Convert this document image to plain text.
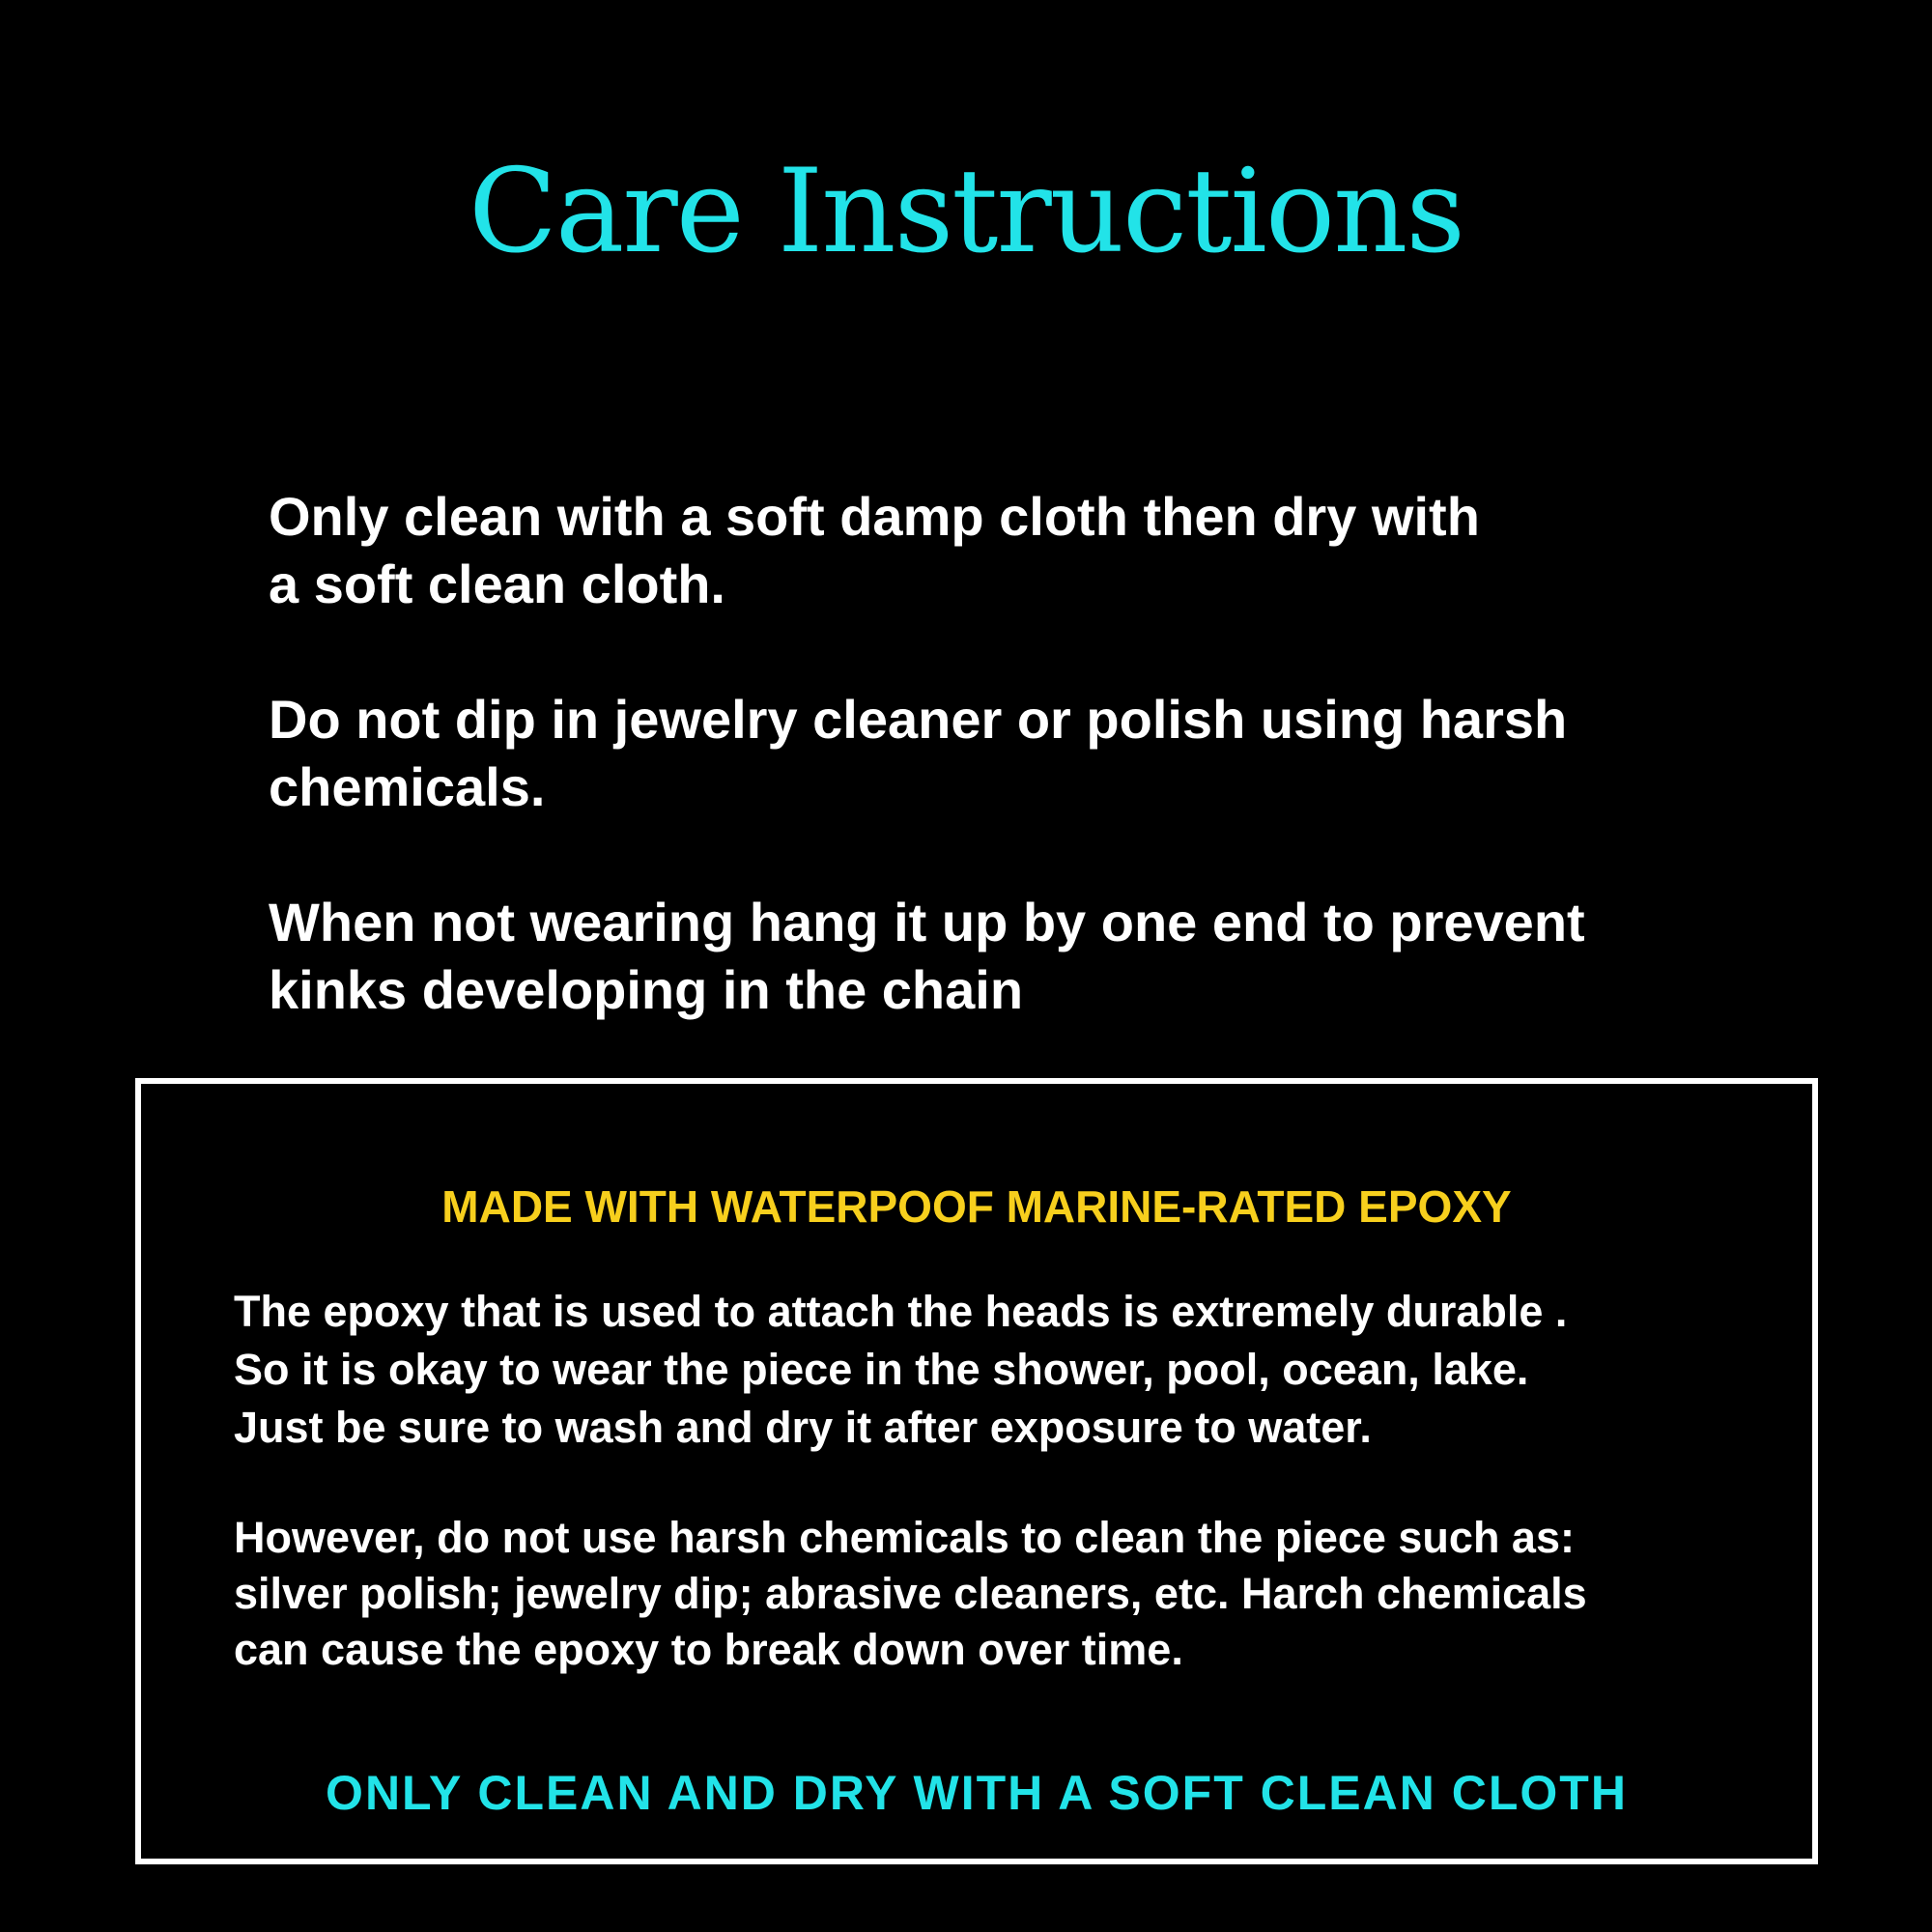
Care Instructions

Only clean with a soft damp cloth then dry with
a soft clean cloth.

Do not dip in jewelry cleaner or polish using harsh
chemicals.

When not wearing hang it up by one end to prevent
kinks developing in the chain

MADE WITH WATERPOOF MARINE-RATED EPOXY
The epoxy that is used to attach the heads is extremely durable .
So it is okay to wear the piece in the shower, pool, ocean, lake.
Just be sure to wash and dry it after exposure to water.
However, do not use harsh chemicals to clean the piece such as:
silver polish; jewelry dip; abrasive cleaners, etc. Harch chemicals
can cause the epoxy to break down over time.
ONLY CLEAN AND DRY WITH A SOFT CLEAN CLOTH
